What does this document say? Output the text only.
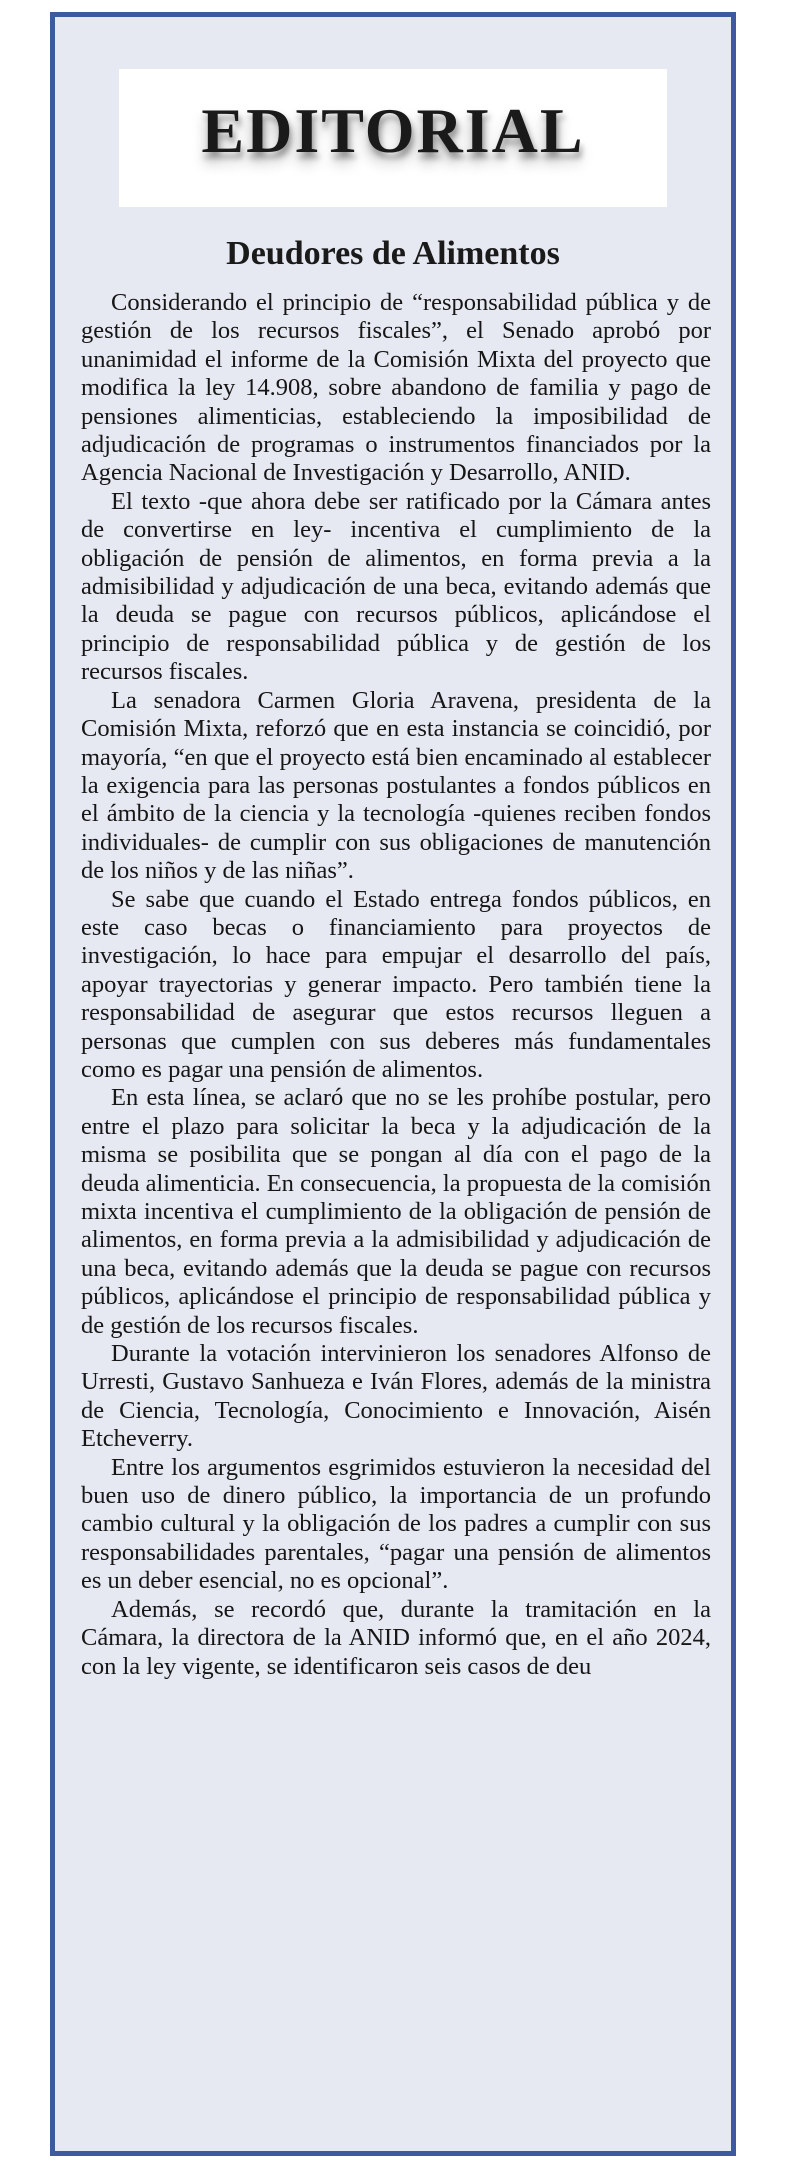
EDITORIAL
Deudores de Alimentos

Considerando el principio de “responsabilidad pública y de gestión de los recursos fiscales”, el Senado aprobó por unanimidad el informe de la Comisión Mixta del proyecto que modifica la ley 14.908, sobre abandono de familia y pago de pensiones alimenticias, estableciendo la imposibilidad de adjudicación de programas o instrumentos financiados por la Agencia Nacional de Investigación y Desarrollo, ANID.

El texto -que ahora debe ser ratificado por la Cámara antes de convertirse en ley- incentiva el cumplimiento de la obligación de pensión de alimentos, en forma previa a la admisibilidad y adjudicación de una beca, evitando además que la deuda se pague con recursos públicos, aplicándose el principio de responsabilidad pública y de gestión de los recursos fiscales.

La senadora Carmen Gloria Aravena, presidenta de la Comisión Mixta, reforzó que en esta instancia se coincidió, por mayoría, “en que el proyecto está bien encaminado al establecer la exigencia para las personas postulantes a fondos públicos en el ámbito de la ciencia y la tecnología -quienes reciben fondos individuales- de cumplir con sus obligaciones de manutención de los niños y de las niñas”.

Se sabe que cuando el Estado entrega fondos públicos, en este caso becas o financiamiento para proyectos de investigación, lo hace para empujar el desarrollo del país, apoyar trayectorias y generar impacto. Pero también tiene la responsabilidad de asegurar que estos recursos lleguen a personas que cumplen con sus deberes más fundamentales como es pagar una pensión de alimentos.

En esta línea, se aclaró que no se les prohíbe postular, pero entre el plazo para solicitar la beca y la adjudicación de la misma se posibilita que se pongan al día con el pago de la deuda alimenticia. En consecuencia, la propuesta de la comisión mixta incentiva el cumplimiento de la obligación de pensión de alimentos, en forma previa a la admisibilidad y adjudicación de una beca, evitando además que la deuda se pague con recursos públicos, aplicándose el principio de responsabilidad pública y de gestión de los recursos fiscales.

Durante la votación intervinieron los senadores Alfonso de Urresti, Gustavo Sanhueza e Iván Flores, además de la ministra de Ciencia, Tecnología, Conocimiento e Innovación, Aisén Etcheverry.

Entre los argumentos esgrimidos estuvieron la necesidad del buen uso de dinero público, la importancia de un profundo cambio cultural y la obligación de los padres a cumplir con sus responsabilidades parentales, “pagar una pensión de alimentos es un deber esencial, no es opcional”.

Además, se recordó que, durante la tramitación en la Cámara, la directora de la ANID informó que, en el año 2024, con la ley vigente, se identificaron seis casos de deu
